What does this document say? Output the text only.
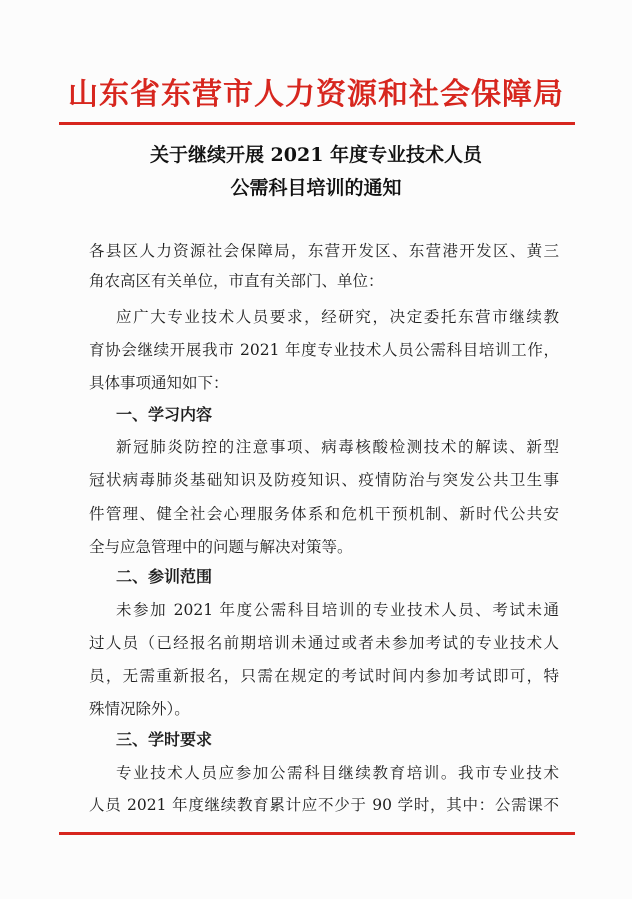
山东省东营市人力资源和社会保障局
关于继续开展 2021 年度专业技术人员
公需科目培训的通知
各县区人力资源社会保障局，东营开发区、东营港开发区、黄三
角农高区有关单位，市直有关部门、单位：
应广大专业技术人员要求，经研究，决定委托东营市继续教
育协会继续开展我市 2021 年度专业技术人员公需科目培训工作，
具体事项通知如下：
一、学习内容
新冠肺炎防控的注意事项、病毒核酸检测技术的解读、新型
冠状病毒肺炎基础知识及防疫知识、疫情防治与突发公共卫生事
件管理、健全社会心理服务体系和危机干预机制、新时代公共安
全与应急管理中的问题与解决对策等。
二、参训范围
未参加 2021 年度公需科目培训的专业技术人员、考试未通
过人员（已经报名前期培训未通过或者未参加考试的专业技术人
员，无需重新报名，只需在规定的考试时间内参加考试即可，特
殊情况除外）。
三、学时要求
专业技术人员应参加公需科目继续教育培训。我市专业技术
人员 2021 年度继续教育累计应不少于 90 学时，其中：公需课不
